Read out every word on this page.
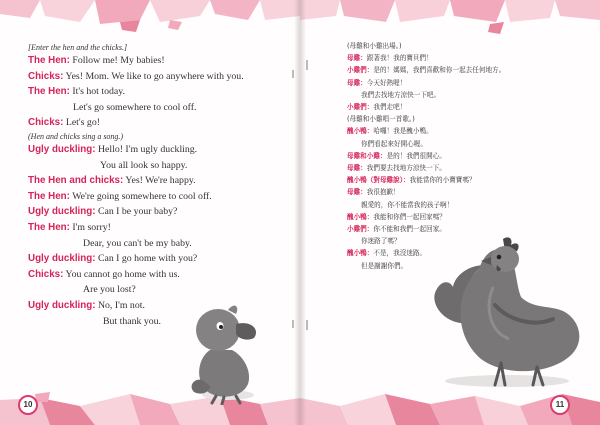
[Enter the hen and the chicks.]
The Hen: Follow me! My babies!
Chicks: Yes! Mom. We like to go anywhere with you.
The Hen: It's hot today.
Let's go somewhere to cool off.
Chicks: Let's go!
(Hen and chicks sing a song.)
Ugly duckling: Hello! I'm ugly duckling.
You all look so happy.
The Hen and chicks: Yes! We're happy.
The Hen: We're going somewhere to cool off.
Ugly duckling: Can I be your baby?
The Hen: I'm sorry!
Dear, you can't be my baby.
Ugly duckling: Can I go home with you?
Chicks: You cannot go home with us.
Are you lost?
Ugly duckling: No, I'm not.
But thank you.
10
(母雞和小雞出場。)
母雞：跟著我！我的寶貝們！
小雞們：是的！媽媽，我們喜歡和你一起去任何地方。
母雞：今天好熱喔！
我們去找地方涼快一下吧。
小雞們：我們走吧！
(母雞和小雞唱一首歌。)
醜小鴨：哈囉！我是醜小鴨。
你們看起來好開心喔。
母雞和小雞：是的！我們很開心。
母雞：我們要去找地方涼快一下。
醜小鴨（對母雞說）：我能當你的小寶寶嗎？
母雞：我很抱歉！
親愛的，你不能當我的孩子啊！
醜小鴨：我能和你們一起回家嗎？
小雞們：你不能和我們一起回家。
你迷路了嗎？
醜小鴨：不是，我沒迷路。
但是謝謝你們。
11
